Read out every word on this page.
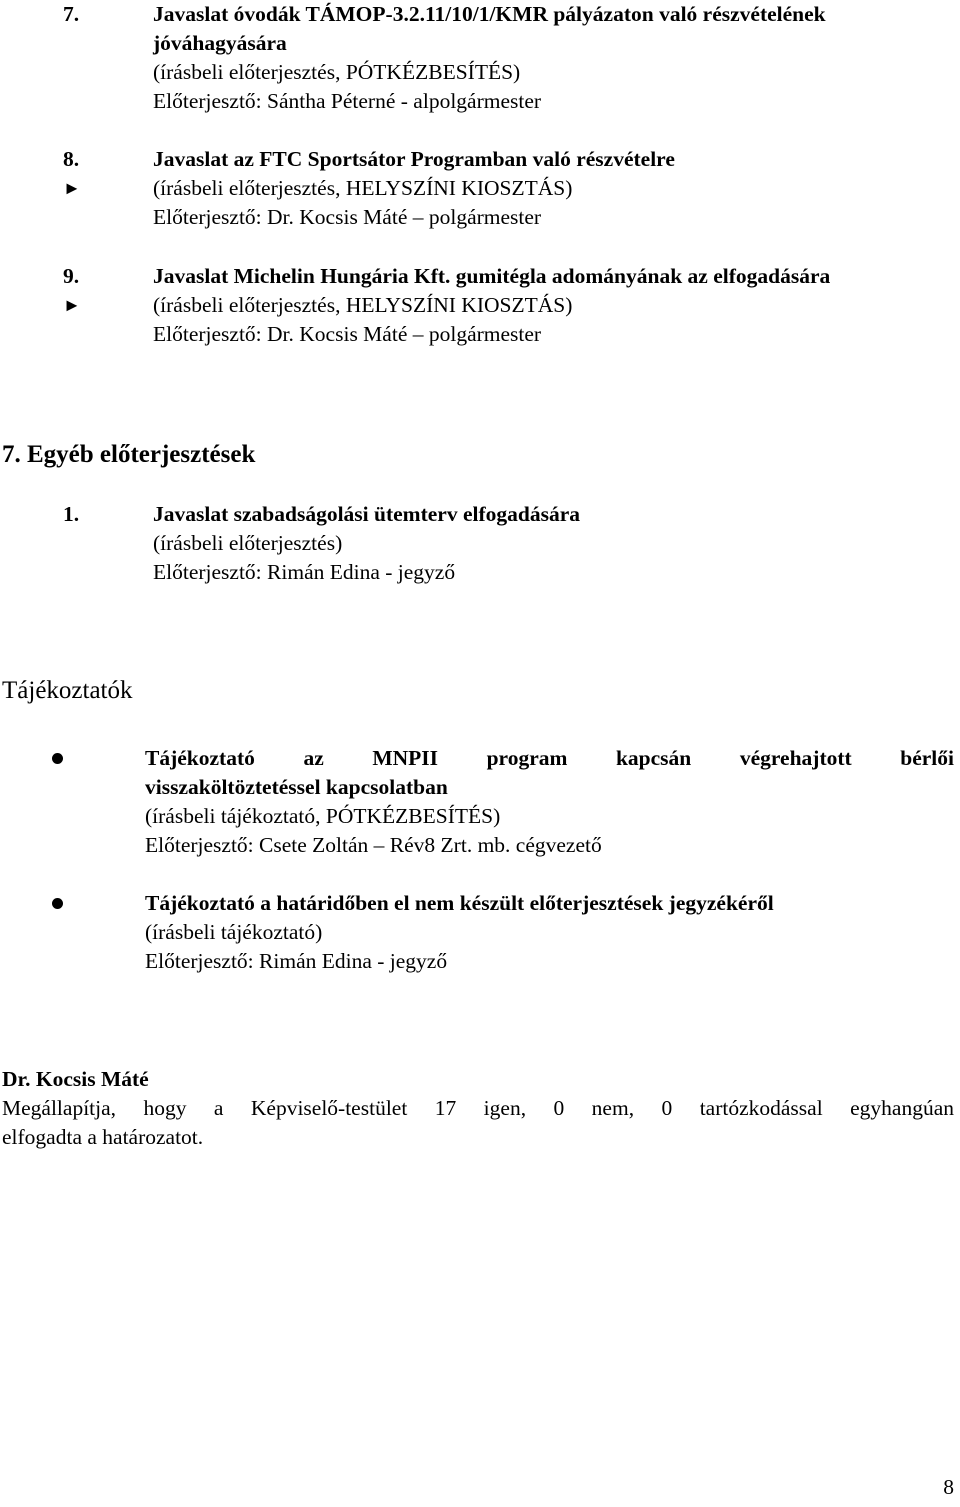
7.	Javaslat óvodák TÁMOP-3.2.11/10/1/KMR pályázaton való részvételének
jóváhagyására
(írásbeli előterjesztés, PÓTKÉZBESÍTÉS)
Előterjesztő: Sántha Péterné - alpolgármester
8.
►
Javaslat az FTC Sportsátor Programban való részvételre
(írásbeli előterjesztés, HELYSZÍNI KIOSZTÁS)
Előterjesztő: Dr. Kocsis Máté – polgármester
9.
►
Javaslat Michelin Hungária Kft. gumitégla adományának az elfogadására
(írásbeli előterjesztés, HELYSZÍNI KIOSZTÁS)
Előterjesztő: Dr. Kocsis Máté – polgármester
7. Egyéb előterjesztések
1.	Javaslat szabadságolási ütemterv elfogadására
(írásbeli előterjesztés)
Előterjesztő: Rimán Edina - jegyző
Tájékoztatók
Tájékoztató az MNPII program kapcsán végrehajtott bérlői
visszaköltöztetéssel kapcsolatban
(írásbeli tájékoztató, PÓTKÉZBESÍTÉS)
Előterjesztő: Csete Zoltán – Rév8 Zrt. mb. cégvezető
Tájékoztató a határidőben el nem készült előterjesztések jegyzékéről
(írásbeli tájékoztató)
Előterjesztő: Rimán Edina - jegyző
Dr. Kocsis Máté
Megállapítja, hogy a Képviselő-testület 17 igen, 0 nem, 0 tartózkodással egyhangúan
elfogadta a határozatot.
8
